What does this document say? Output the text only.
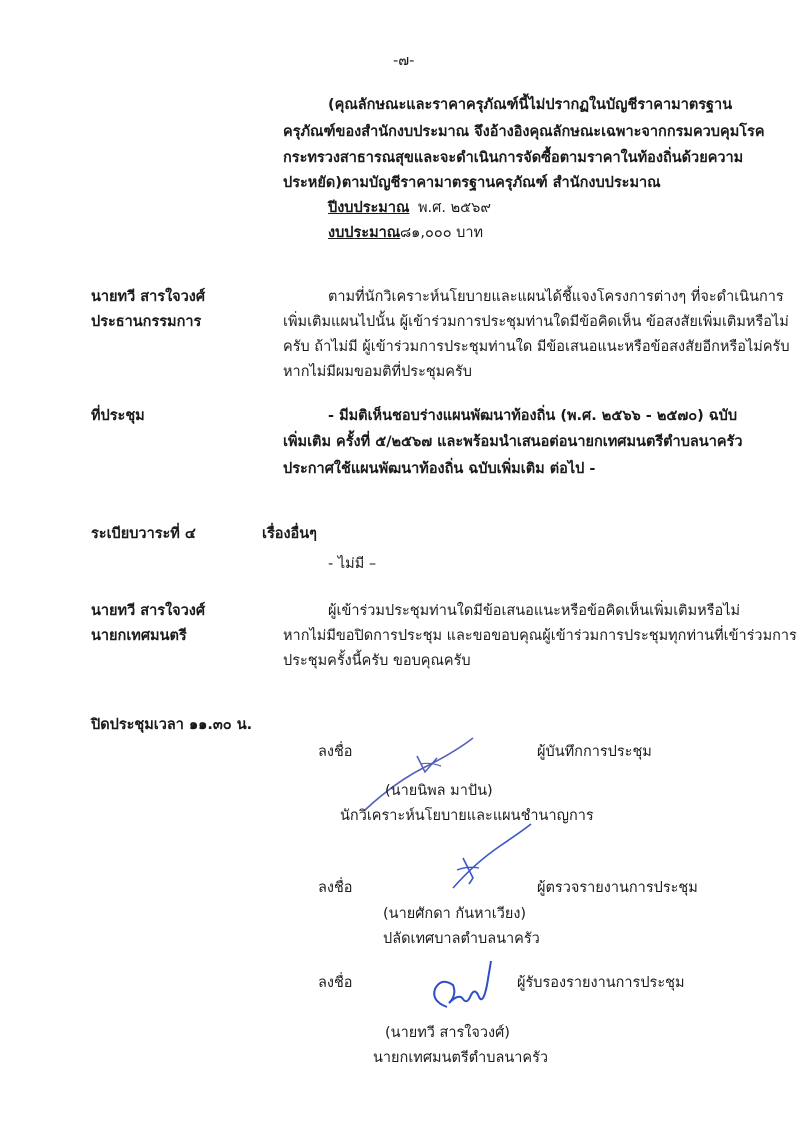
-๗-
(คุณลักษณะและราคาครุภัณฑ์นี้ไม่ปรากฏในบัญชีราคามาตรฐาน
ครุภัณฑ์ของสำนักงบประมาณ จึงอ้างอิงคุณลักษณะเฉพาะจากกรมควบคุมโรค
กระทรวงสาธารณสุขและจะดำเนินการจัดซื้อตามราคาในท้องถิ่นด้วยความ
ประหยัด)ตามบัญชีราคามาตรฐานครุภัณฑ์ สำนักงบประมาณ
ปีงบประมาณ พ.ศ. ๒๕๖๙
งบประมาณ ๘๑,๐๐๐ บาท
นายทวี สารใจวงศ์
ประธานกรรมการ
ตามที่นักวิเคราะห์นโยบายและแผนได้ชี้แจงโครงการต่างๆ ที่จะดำเนินการ
เพิ่มเติมแผนไปนั้น ผู้เข้าร่วมการประชุมท่านใดมีข้อคิดเห็น ข้อสงสัยเพิ่มเติมหรือไม่
ครับ ถ้าไม่มี ผู้เข้าร่วมการประชุมท่านใด มีข้อเสนอแนะหรือข้อสงสัยอีกหรือไม่ครับ
หากไม่มีผมขอมติที่ประชุมครับ
ที่ประชุม	- มีมติเห็นชอบร่างแผนพัฒนาท้องถิ่น (พ.ศ. ๒๕๖๖ - ๒๕๗๐) ฉบับ
เพิ่มเติม ครั้งที่ ๕/๒๕๖๗ และพร้อมนำเสนอต่อนายกเทศมนตรีตำบลนาครัว
ประกาศใช้แผนพัฒนาท้องถิ่น ฉบับเพิ่มเติม ต่อไป -
ระเบียบวาระที่ ๔	เรื่องอื่นๆ
- ไม่มี –
นายทวี สารใจวงศ์
นายกเทศมนตรี
ผู้เข้าร่วมประชุมท่านใดมีข้อเสนอแนะหรือข้อคิดเห็นเพิ่มเติมหรือไม่
หากไม่มีขอปิดการประชุม และขอขอบคุณผู้เข้าร่วมการประชุมทุกท่านที่เข้าร่วมการ
ประชุมครั้งนี้ครับ ขอบคุณครับ
ปิดประชุมเวลา ๑๑.๓๐ น.
ลงชื่อ	ผู้บันทึกการประชุม
(นายนิพล มาปัน)
นักวิเคราะห์นโยบายและแผนชำนาญการ
ลงชื่อ	ผู้ตรวจรายงานการประชุม
(นายศักดา กันหาเวียง)
ปลัดเทศบาลตำบลนาครัว
ลงชื่อ	ผู้รับรองรายงานการประชุม
(นายทวี สารใจวงศ์)
นายกเทศมนตรีตำบลนาครัว
